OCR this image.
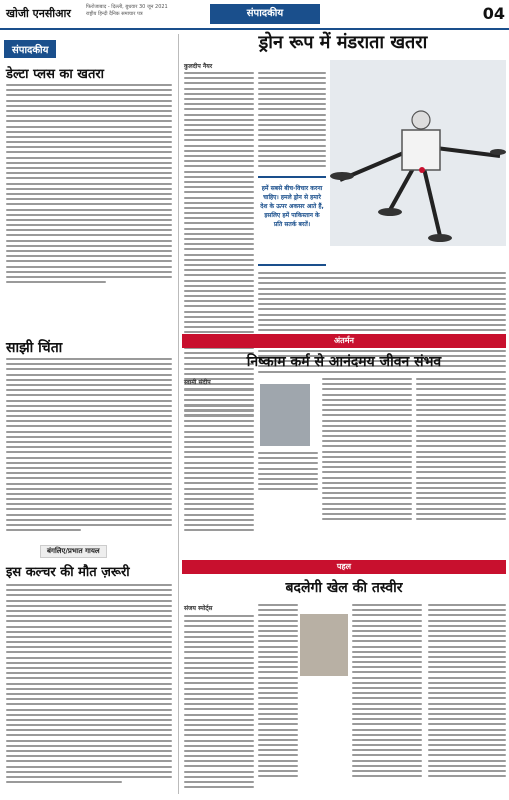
खोजी एनसीआर	फिरोजाबाद - दिल्ली, बुधवार 30 जून 2021
राष्ट्रीय हिन्दी दैनिक समाचार पत्र	संपादकीय	04
संपादकीय
डेल्टा प्लस का खतरा
साझी चिंता
बंगलिए/प्रभात गायल
इस कल्चर की मौत ज़रूरी
ड्रोन रूप में मंडराता खतरा
कुलदीप नैयर
हमें सबसे बीच-विचार करना चाहिए। हमले ड्रोन से हमारे देश के ऊपर अकसर आते हैं, इसलिए हमें पाकिस्तान के प्रति सतर्क बरतें।
अंतर्मन
निष्काम कर्म से आनंदमय जीवन संभव
स्वामी संदीप
पहल
बदलेगी खेल की तस्वीर
संजय स्पोर्ट्स
